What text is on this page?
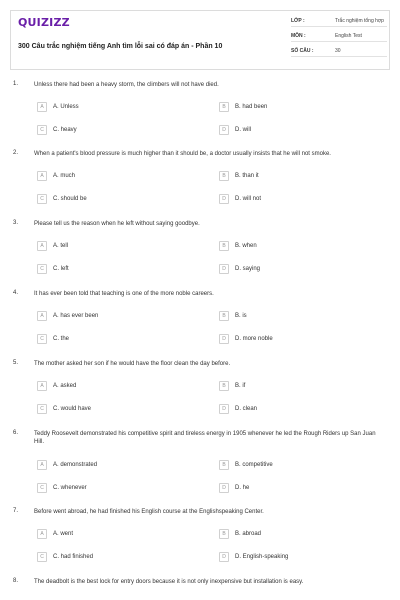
QUIZIZZ
300 Câu trắc nghiệm tiếng Anh tìm lỗi sai có đáp án - Phần 10
LỚP :	Trắc nghiệm tổng hợp
MÔN :	English Test
SỐ CÂU :	30
1.	Unless there had been a heavy storm, the climbers will not have died.
A	A. Unless	B	B. had been
C	C. heavy	D	D. will
2.	When a patient's blood pressure is much higher than it should be, a doctor usually insists that he will not smoke.
A	A. much	B	B. than it
C	C. should be	D	D. will not
3.	Please tell us the reason when he left without saying goodbye.
A	A. tell	B	B. when
C	C. left	D	D. saying
4.	It has ever been told that teaching is one of the more noble careers.
A	A. has ever been	B	B. is
C	C. the	D	D. more noble
5.	The mother asked her son if he would have the floor clean the day before.
A	A. asked	B	B. if
C	C. would have	D	D. clean
6.	Teddy Roosevelt demonstrated his competitive spirit and tireless energy in 1905 whenever he led the Rough Riders up San Juan Hill.
A	A. demonstrated	B	B. competitive
C	C. whenever	D	D. he
7.	Before went abroad, he had finished his English course at the Englishspeaking Center.
A	A. went	B	B. abroad
C	C. had finished	D	D. English-speaking
8.	The deadbolt is the best lock for entry doors because it is not only inexpensive but installation is easy.
